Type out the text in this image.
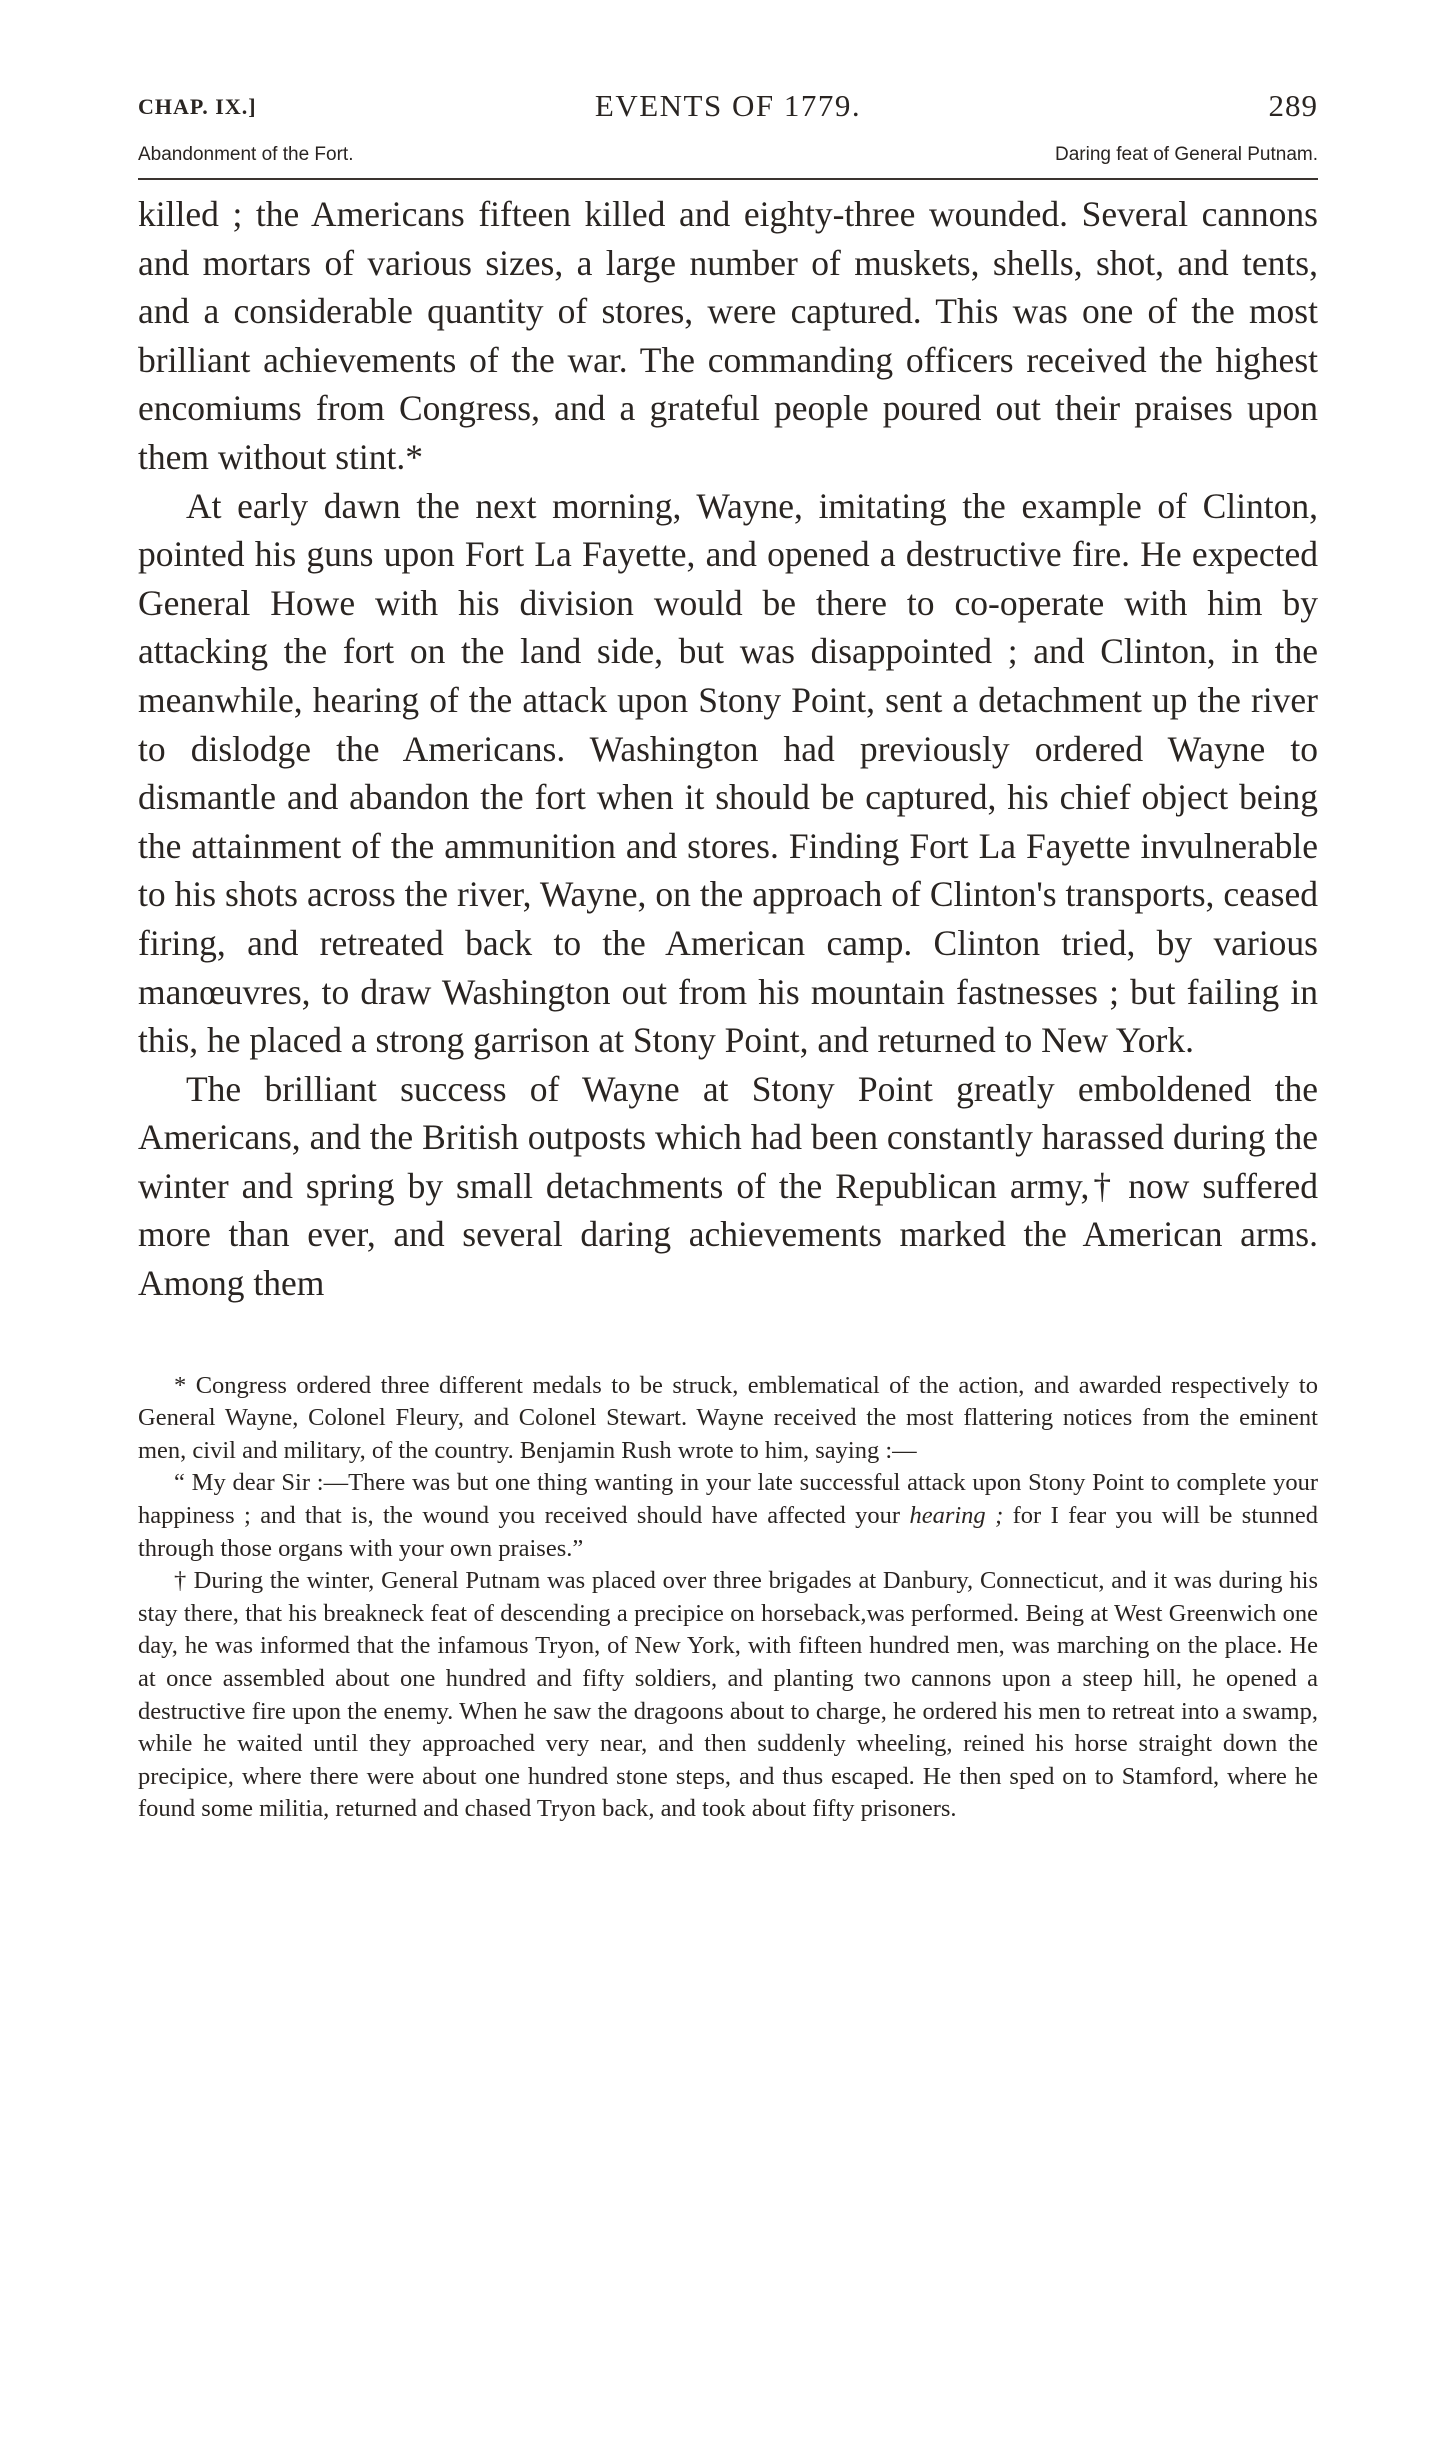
CHAP. IX.]	EVENTS OF 1779.	289
Abandonment of the Fort.	Daring feat of General Putnam.

killed ; the Americans fifteen killed and eighty-three wounded. Several cannons and mortars of various sizes, a large number of muskets, shells, shot, and tents, and a considerable quantity of stores, were captured. This was one of the most brilliant achievements of the war. The commanding officers received the highest encomiums from Congress, and a grateful people poured out their praises upon them without stint.*

At early dawn the next morning, Wayne, imitating the example of Clinton, pointed his guns upon Fort La Fayette, and opened a destructive fire. He expected General Howe with his division would be there to co-operate with him by attacking the fort on the land side, but was disappointed ; and Clinton, in the meanwhile, hearing of the attack upon Stony Point, sent a detachment up the river to dislodge the Americans. Washington had previously ordered Wayne to dismantle and abandon the fort when it should be captured, his chief object being the attainment of the ammunition and stores. Finding Fort La Fayette invulnerable to his shots across the river, Wayne, on the approach of Clinton's transports, ceased firing, and retreated back to the American camp. Clinton tried, by various manœuvres, to draw Washington out from his mountain fastnesses ; but failing in this, he placed a strong garrison at Stony Point, and returned to New York.

The brilliant success of Wayne at Stony Point greatly emboldened the Americans, and the British outposts which had been constantly harassed during the winter and spring by small detachments of the Republican army,† now suffered more than ever, and several daring achievements marked the American arms. Among them

* Congress ordered three different medals to be struck, emblematical of the action, and awarded respectively to General Wayne, Colonel Fleury, and Colonel Stewart. Wayne received the most flattering notices from the eminent men, civil and military, of the country. Benjamin Rush wrote to him, saying :—

“ My dear Sir :—There was but one thing wanting in your late successful attack upon Stony Point to complete your happiness ; and that is, the wound you received should have affected your hearing ; for I fear you will be stunned through those organs with your own praises.”

† During the winter, General Putnam was placed over three brigades at Danbury, Connecticut, and it was during his stay there, that his breakneck feat of descending a precipice on horseback,was performed. Being at West Greenwich one day, he was informed that the infamous Tryon, of New York, with fifteen hundred men, was marching on the place. He at once assembled about one hundred and fifty soldiers, and planting two cannons upon a steep hill, he opened a destructive fire upon the enemy. When he saw the dragoons about to charge, he ordered his men to retreat into a swamp, while he waited until they approached very near, and then suddenly wheeling, reined his horse straight down the precipice, where there were about one hundred stone steps, and thus escaped. He then sped on to Stamford, where he found some militia, returned and chased Tryon back, and took about fifty prisoners.
